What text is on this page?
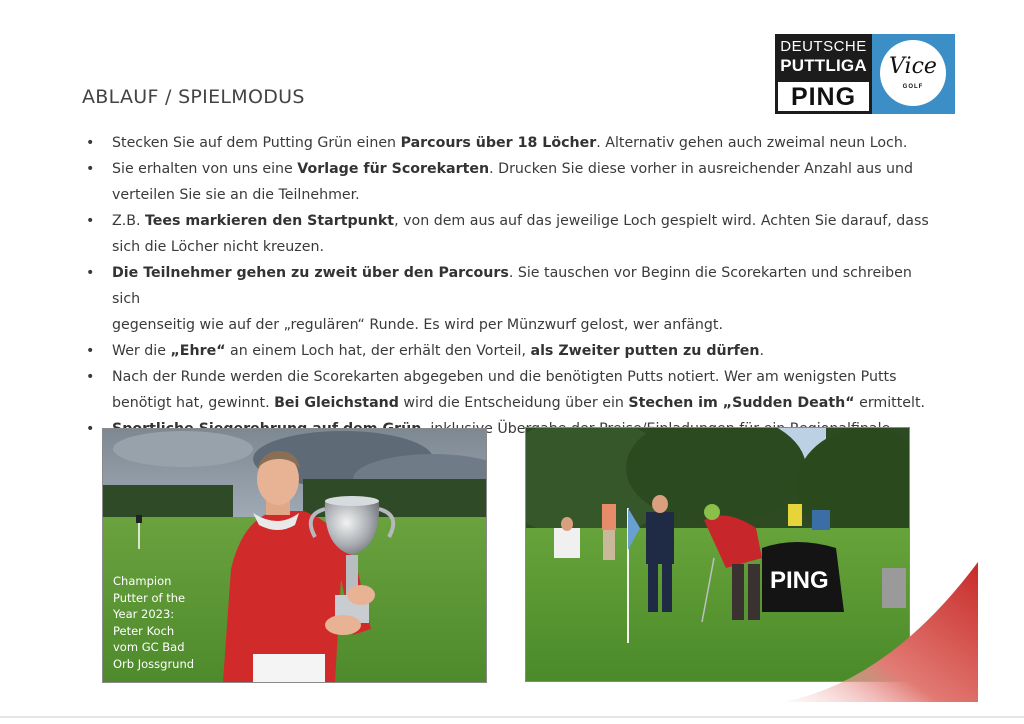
ABLAUF / SPIELMODUS
DEUTSCHE
PUTTLIGA
PING
Vice
GOLF
• Stecken Sie auf dem Putting Grün einen Parcours über 18 Löcher. Alternativ gehen auch zweimal neun Loch.
• Sie erhalten von uns eine Vorlage für Scorekarten. Drucken Sie diese vorher in ausreichender Anzahl aus und
verteilen Sie sie an die Teilnehmer.
• Z.B. Tees markieren den Startpunkt, von dem aus auf das jeweilige Loch gespielt wird. Achten Sie darauf, dass
sich die Löcher nicht kreuzen.
• Die Teilnehmer gehen zu zweit über den Parcours. Sie tauschen vor Beginn die Scorekarten und schreiben sich
gegenseitig wie auf der „regulären“ Runde. Es wird per Münzwurf gelost, wer anfängt.
• Wer die „Ehre“ an einem Loch hat, der erhält den Vorteil, als Zweiter putten zu dürfen.
• Nach der Runde werden die Scorekarten abgegeben und die benötigten Putts notiert. Wer am wenigsten Putts
benötigt hat, gewinnt. Bei Gleichstand wird die Entscheidung über ein Stechen im „Sudden Death“ ermittelt.
•
Champion
Putter of the
Year 2023:
Peter Koch
vom GC Bad
Orb Jossgrund
PING
